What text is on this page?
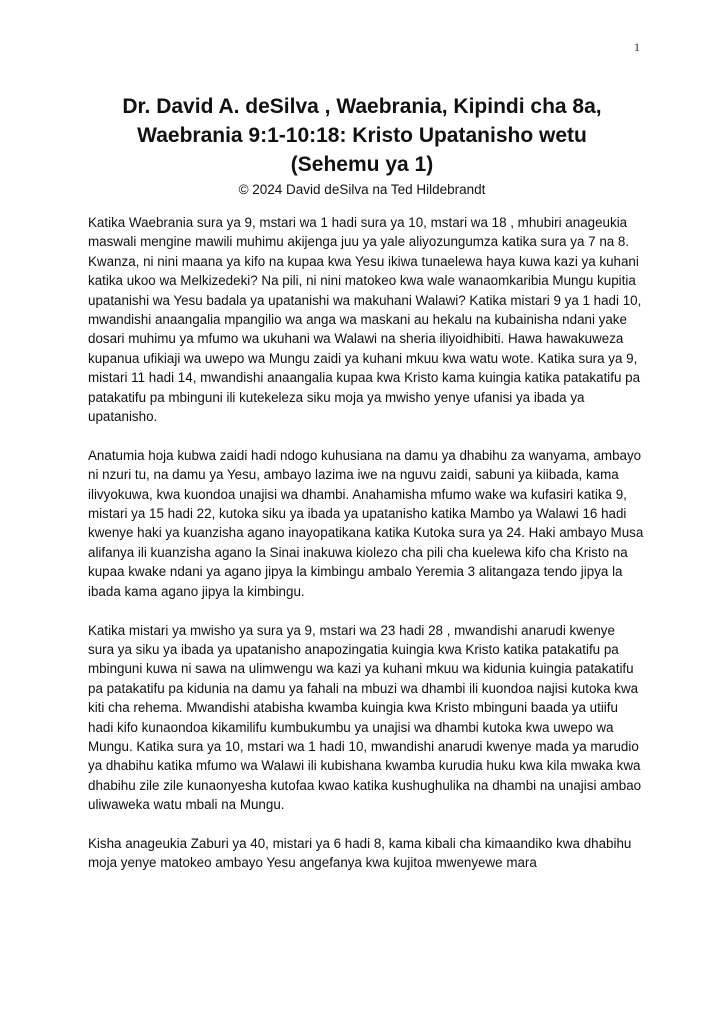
1
Dr. David A. deSilva , Waebrania, Kipindi cha 8a,
Waebrania 9:1-10:18: Kristo Upatanisho wetu
(Sehemu ya 1)
© 2024 David deSilva na Ted Hildebrandt

Katika Waebrania sura ya 9, mstari wa 1 hadi sura ya 10, mstari wa 18 , mhubiri anageukia maswali mengine mawili muhimu akijenga juu ya yale aliyozungumza katika sura ya 7 na 8. Kwanza, ni nini maana ya kifo na kupaa kwa Yesu ikiwa tunaelewa haya kuwa kazi ya kuhani katika ukoo wa Melkizedeki? Na pili, ni nini matokeo kwa wale wanaomkaribia Mungu kupitia upatanishi wa Yesu badala ya upatanishi wa makuhani Walawi? Katika mistari 9 ya 1 hadi 10, mwandishi anaangalia mpangilio wa anga wa maskani au hekalu na kubainisha ndani yake dosari muhimu ya mfumo wa ukuhani wa Walawi na sheria iliyoidhibiti. Hawa hawakuweza kupanua ufikiaji wa uwepo wa Mungu zaidi ya kuhani mkuu kwa watu wote. Katika sura ya 9, mistari 11 hadi 14, mwandishi anaangalia kupaa kwa Kristo kama kuingia katika patakatifu pa patakatifu pa mbinguni ili kutekeleza siku moja ya mwisho yenye ufanisi ya ibada ya upatanisho.

Anatumia hoja kubwa zaidi hadi ndogo kuhusiana na damu ya dhabihu za wanyama, ambayo ni nzuri tu, na damu ya Yesu, ambayo lazima iwe na nguvu zaidi, sabuni ya kiibada, kama ilivyokuwa, kwa kuondoa unajisi wa dhambi. Anahamisha mfumo wake wa kufasiri katika 9, mistari ya 15 hadi 22, kutoka siku ya ibada ya upatanisho katika Mambo ya Walawi 16 hadi kwenye haki ya kuanzisha agano inayopatikana katika Kutoka sura ya 24. Haki ambayo Musa alifanya ili kuanzisha agano la Sinai inakuwa kiolezo cha pili cha kuelewa kifo cha Kristo na kupaa kwake ndani ya agano jipya la kimbingu ambalo Yeremia 3 alitangaza tendo jipya la ibada kama agano jipya la kimbingu.

Katika mistari ya mwisho ya sura ya 9, mstari wa 23 hadi 28 , mwandishi anarudi kwenye sura ya siku ya ibada ya upatanisho anapozingatia kuingia kwa Kristo katika patakatifu pa mbinguni kuwa ni sawa na ulimwengu wa kazi ya kuhani mkuu wa kidunia kuingia patakatifu pa patakatifu pa kidunia na damu ya fahali na mbuzi wa dhambi ili kuondoa najisi kutoka kwa kiti cha rehema. Mwandishi atabisha kwamba kuingia kwa Kristo mbinguni baada ya utiifu hadi kifo kunaondoa kikamilifu kumbukumbu ya unajisi wa dhambi kutoka kwa uwepo wa Mungu. Katika sura ya 10, mstari wa 1 hadi 10, mwandishi anarudi kwenye mada ya marudio ya dhabihu katika mfumo wa Walawi ili kubishana kwamba kurudia huku kwa kila mwaka kwa dhabihu zile zile kunaonyesha kutofaa kwao katika kushughulika na dhambi na unajisi ambao uliwaweka watu mbali na Mungu.

Kisha anageukia Zaburi ya 40, mistari ya 6 hadi 8, kama kibali cha kimaandiko kwa dhabihu moja yenye matokeo ambayo Yesu angefanya kwa kujitoa mwenyewe mara
